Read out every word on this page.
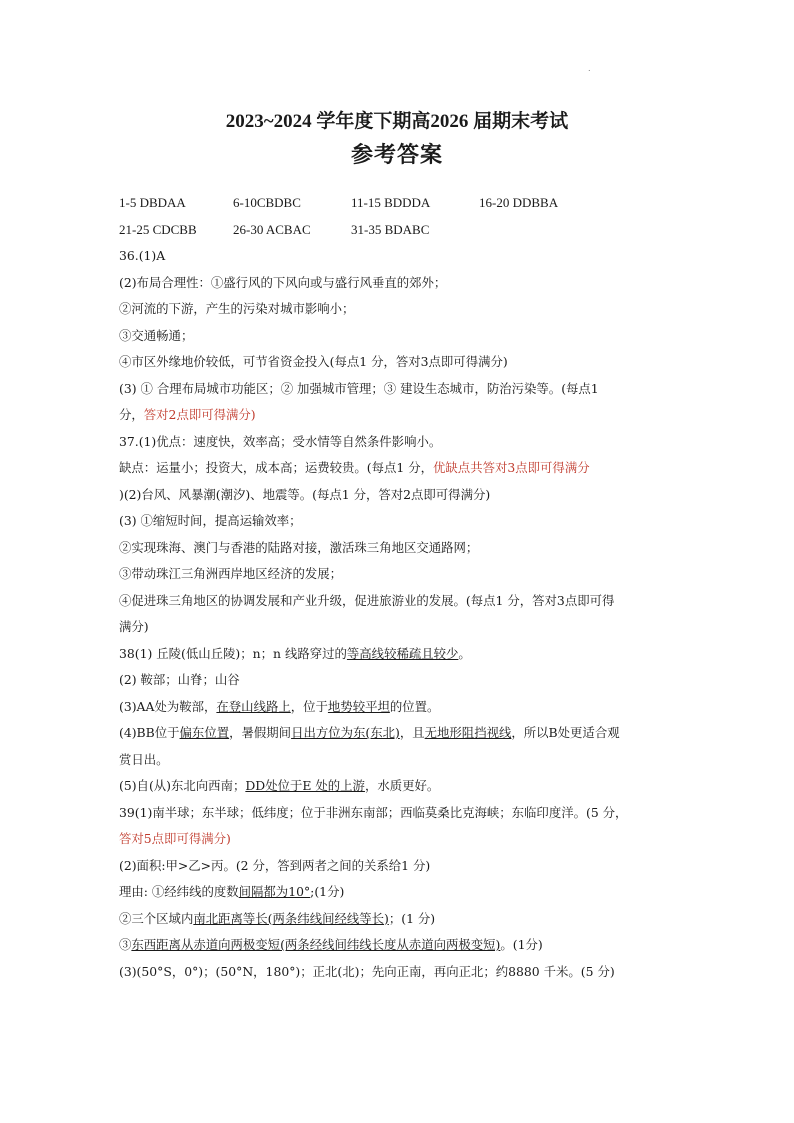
.
2023~2024 学年度下期高2026 届期末考试
参考答案
1-5 DBDAA	6-10CBDBC	11-15 BDDDA	16-20 DDBBA
21-25 CDCBB	26-30 ACBAC	31-35 BDABC
36.(1)A
(2)布局合理性：①盛行风的下风向或与盛行风垂直的郊外；
②河流的下游，产生的污染对城市影响小；
③交通畅通；
④市区外缘地价较低，可节省资金投入(每点1 分，答对3点即可得满分)
(3) ① 合理布局城市功能区；② 加强城市管理；③ 建设生态城市，防治污染等。(每点1
分，答对2点即可得满分)
37.(1)优点：速度快，效率高；受水情等自然条件影响小。
缺点：运量小；投资大，成本高；运费较贵。(每点1 分，优缺点共答对3点即可得满分
)(2)台风、风暴潮(潮汐)、地震等。(每点1 分，答对2点即可得满分)
(3) ①缩短时间，提高运输效率；
②实现珠海、澳门与香港的陆路对接，激活珠三角地区交通路网；
③带动珠江三角洲西岸地区经济的发展；
④促进珠三角地区的协调发展和产业升级，促进旅游业的发展。(每点1 分，答对3点即可得
满分)
38(1) 丘陵(低山丘陵)；n；n 线路穿过的等高线较稀疏且较少。
(2) 鞍部；山脊；山谷
(3)AA处为鞍部，在登山线路上，位于地势较平坦的位置。
(4)BB位于偏东位置，暑假期间日出方位为东(东北)，且无地形阻挡视线，所以B处更适合观
赏日出。
(5)自(从)东北向西南；DD处位于E 处的上游，水质更好。
39(1)南半球；东半球；低纬度；位于非洲东南部；西临莫桑比克海峡；东临印度洋。(5 分，
答对5点即可得满分)
(2)面积:甲>乙>丙。(2 分，答到两者之间的关系给1 分)
理由: ①经纬线的度数间隔都为10°;(1分)
②三个区域内南北距离等长(两条纬线间经线等长)；(1 分)
③东西距离从赤道向两极变短(两条经线间纬线长度从赤道向两极变短)。(1分)
(3)(50°S，0°)；(50°N，180°)；正北(北)；先向正南，再向正北；约8880 千米。(5 分)
